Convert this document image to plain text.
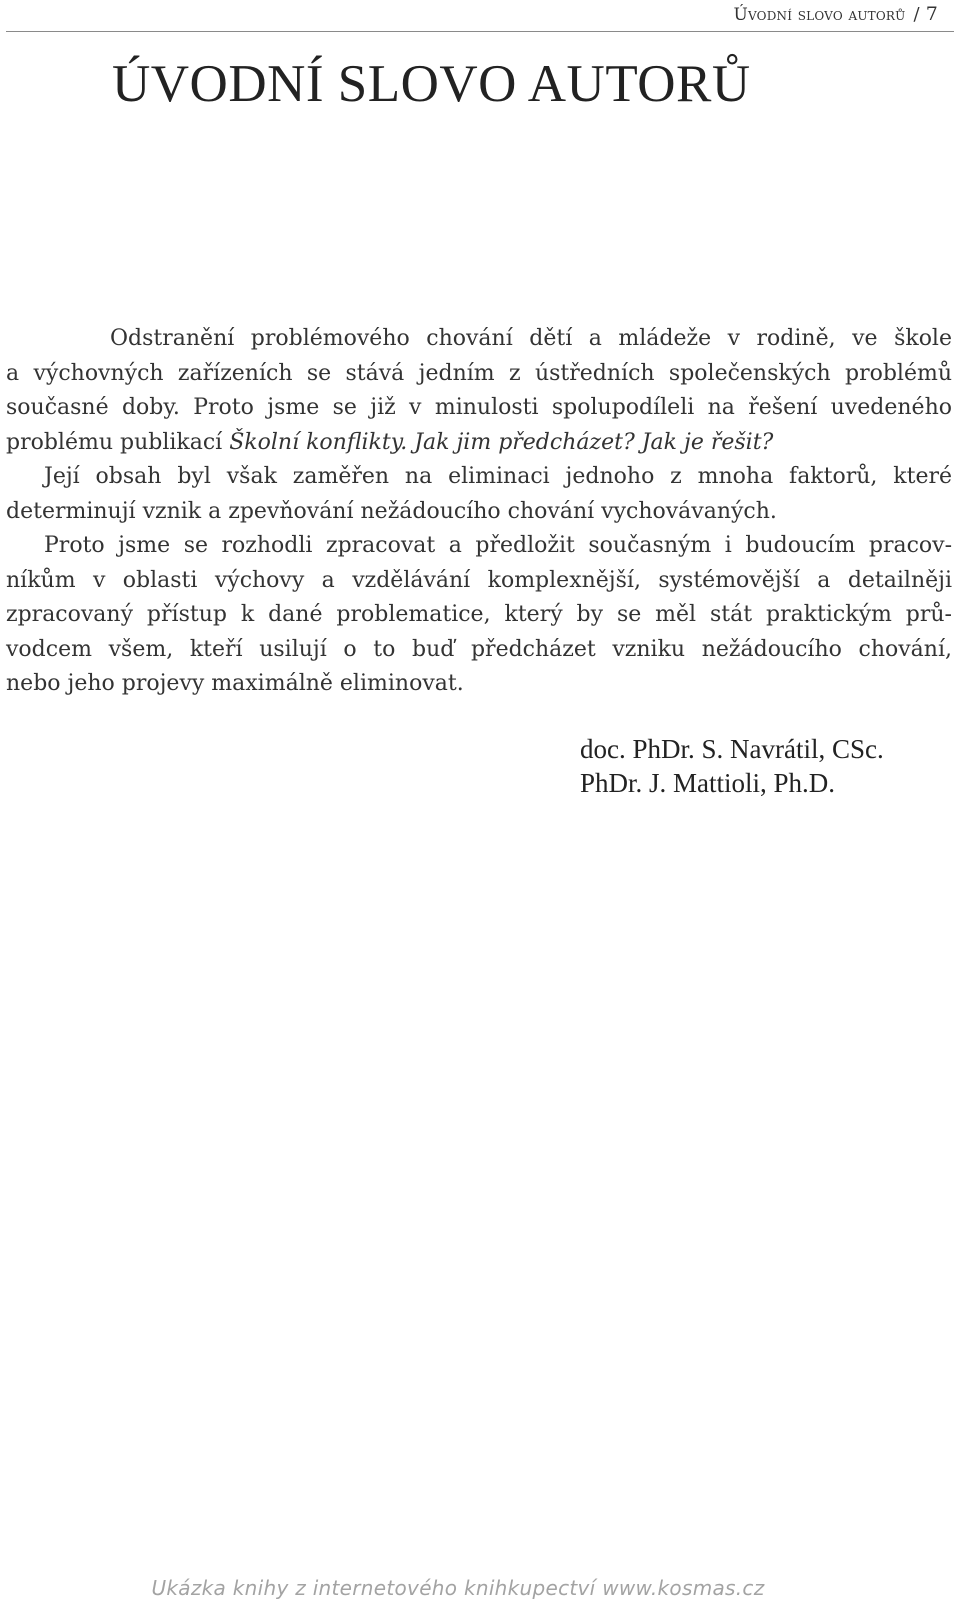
Úvodní slovo autorů / 7
ÚVODNÍ SLOVO AUTORŮ
Odstranění problémového chování dětí a mládeže v rodině, ve škole
a výchovných zařízeních se stává jedním z ústředních společenských problémů
současné doby. Proto jsme se již v minulosti spolupodíleli na řešení uvedeného
problému publikací Školní konflikty. Jak jim předcházet? Jak je řešit?
Její obsah byl však zaměřen na eliminaci jednoho z mnoha faktorů, které
determinují vznik a zpevňování nežádoucího chování vychovávaných.
Proto jsme se rozhodli zpracovat a předložit současným i budoucím pracov-
níkům v oblasti výchovy a vzdělávání komplexnější, systémovější a detailněji
zpracovaný přístup k dané problematice, který by se měl stát praktickým prů-
vodcem všem, kteří usilují o to buď předcházet vzniku nežádoucího chování,
nebo jeho projevy maximálně eliminovat.
doc. PhDr. S. Navrátil, CSc.
PhDr. J. Mattioli, Ph.D.
Ukázka knihy z internetového knihkupectví www.kosmas.cz
